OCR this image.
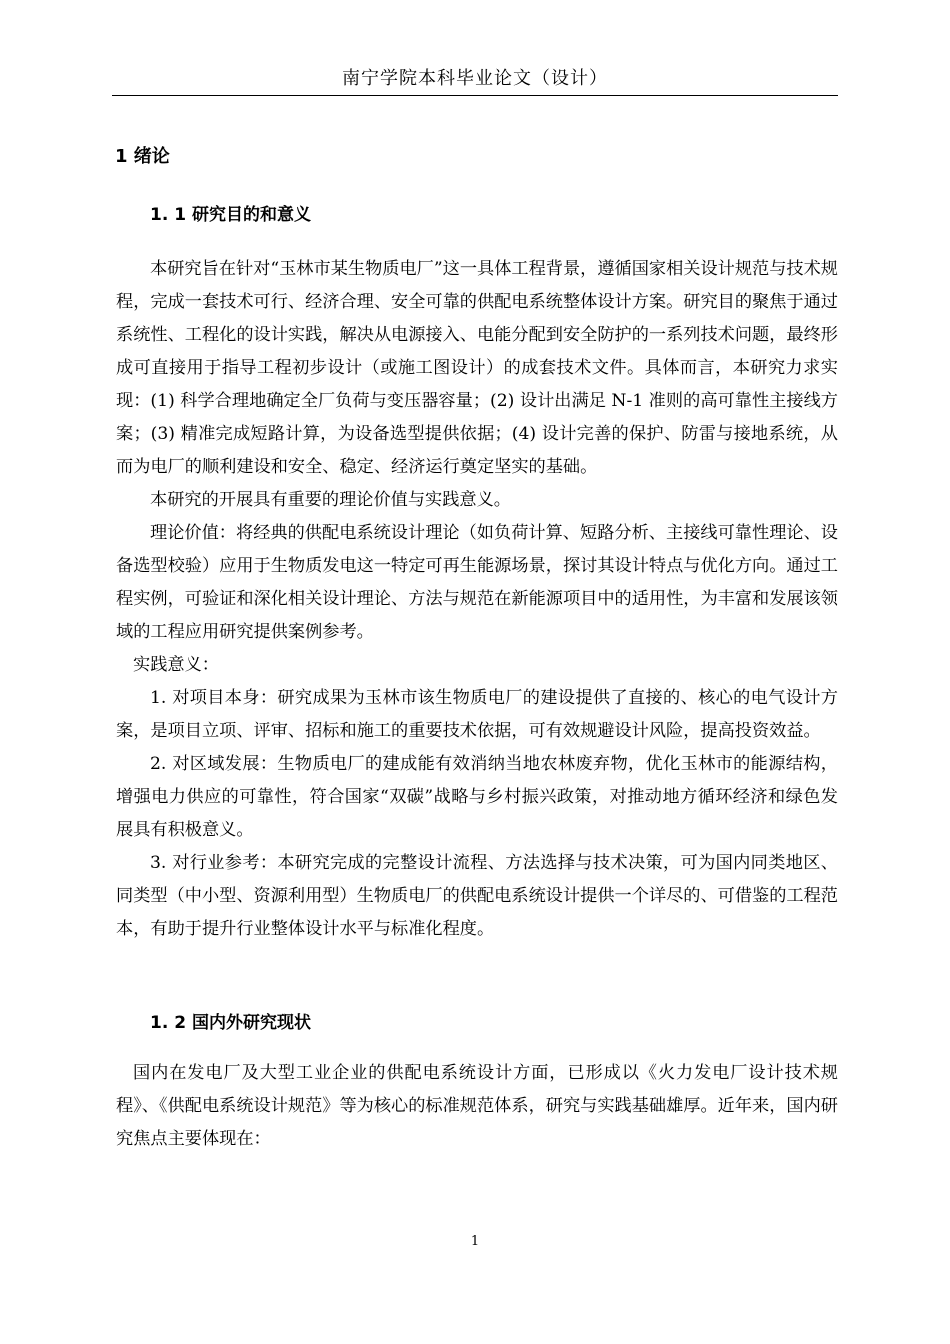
南宁学院本科毕业论文（设计）
1 绪论
1. 1 研究目的和意义

本研究旨在针对“玉林市某生物质电厂”这一具体工程背景，遵循国家相关设计规范与技术规程，完成一套技术可行、经济合理、安全可靠的供配电系统整体设计方案。研究目的聚焦于通过系统性、工程化的设计实践，解决从电源接入、电能分配到安全防护的一系列技术问题，最终形成可直接用于指导工程初步设计（或施工图设计）的成套技术文件。具体而言，本研究力求实现：(1) 科学合理地确定全厂负荷与变压器容量；(2) 设计出满足 N-1 准则的高可靠性主接线方案；(3) 精准完成短路计算，为设备选型提供依据；(4) 设计完善的保护、防雷与接地系统，从而为电厂的顺利建设和安全、稳定、经济运行奠定坚实的基础。

本研究的开展具有重要的理论价值与实践意义。

理论价值：将经典的供配电系统设计理论（如负荷计算、短路分析、主接线可靠性理论、设备选型校验）应用于生物质发电这一特定可再生能源场景，探讨其设计特点与优化方向。通过工程实例，可验证和深化相关设计理论、方法与规范在新能源项目中的适用性，为丰富和发展该领域的工程应用研究提供案例参考。

实践意义：

1. 对项目本身：研究成果为玉林市该生物质电厂的建设提供了直接的、核心的电气设计方案，是项目立项、评审、招标和施工的重要技术依据，可有效规避设计风险，提高投资效益。

2. 对区域发展：生物质电厂的建成能有效消纳当地农林废弃物，优化玉林市的能源结构，增强电力供应的可靠性，符合国家“双碳”战略与乡村振兴政策，对推动地方循环经济和绿色发展具有积极意义。

3. 对行业参考：本研究完成的完整设计流程、方法选择与技术决策，可为国内同类地区、同类型（中小型、资源利用型）生物质电厂的供配电系统设计提供一个详尽的、可借鉴的工程范本，有助于提升行业整体设计水平与标准化程度。

1. 2 国内外研究现状

国内在发电厂及大型工业企业的供配电系统设计方面，已形成以《火力发电厂设计技术规程》、《供配电系统设计规范》等为核心的标准规范体系，研究与实践基础雄厚。近年来，国内研究焦点主要体现在：

1
